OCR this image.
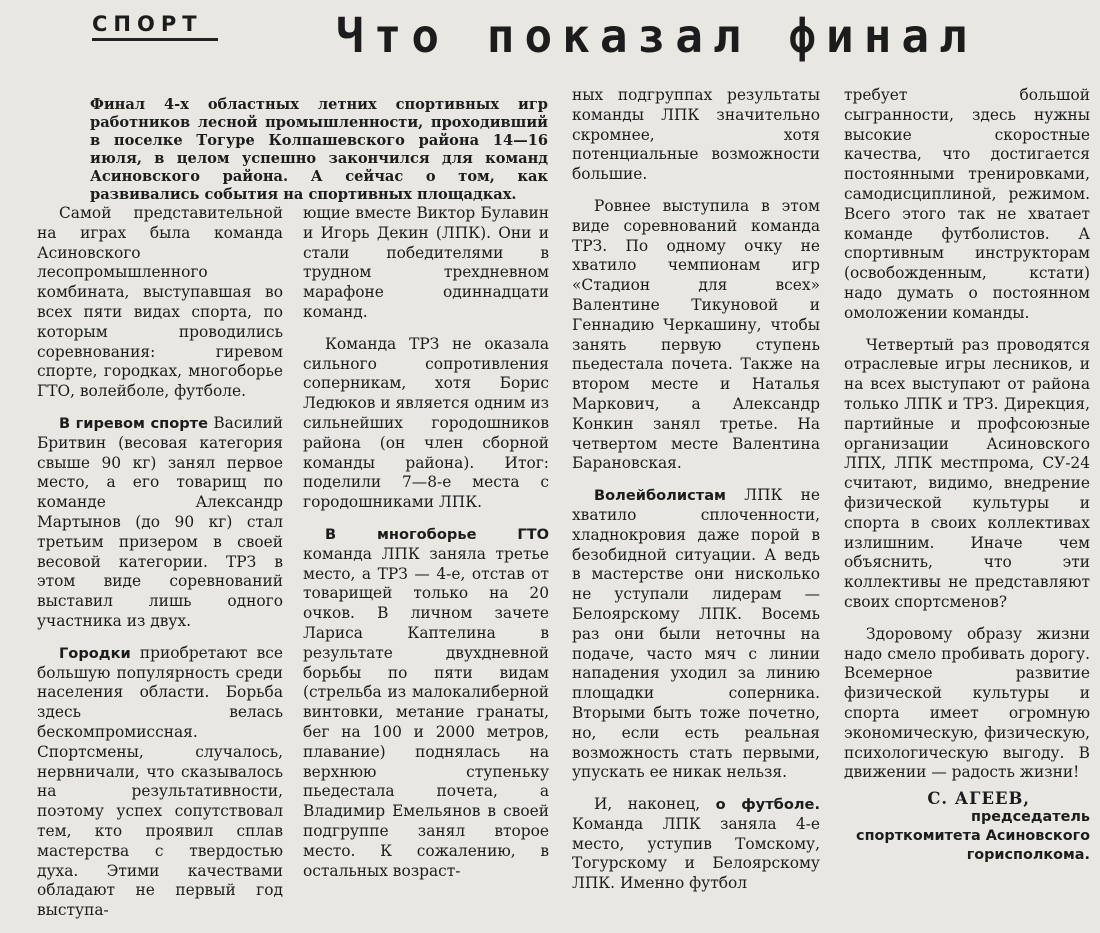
СПОРТ	Что показал финал
Финал 4-х областных летних спортивных игр работников лесной промышленности, проходивший в поселке Тогуре Колпашевского района 14—16 июля, в целом успешно закончился для команд Асиновского района. А сейчас о том, как развивались события на спортивных площадках.

Самой представительной на играх была команда Асиновского лесопромышленного комбината, выступавшая во всех пяти видах спорта, по которым проводились соревнования: гиревом спорте, городках, многоборье ГТО, волейболе, футболе.

В гиревом спорте Василий Бритвин (весовая категория свыше 90 кг) занял первое место, а его товарищ по команде Александр Мартынов (до 90 кг) стал третьим призером в своей весовой категории. ТРЗ в этом виде соревнований выставил лишь одного участника из двух.

Городки приобретают все большую популярность среди населения области. Борьба здесь велась бескомпромиссная. Спортсмены, случалось, нервничали, что сказывалось на результативности, поэтому успех сопутствовал тем, кто проявил сплав мастерства с твердостью духа. Этими качествами обладают не первый год выступа-

ющие вместе Виктор Булавин и Игорь Декин (ЛПК). Они и стали победителями в трудном трехдневном марафоне одиннадцати команд.

Команда ТРЗ не оказала сильного сопротивления соперникам, хотя Борис Ледюков и является одним из сильнейших городошников района (он член сборной команды района). Итог: поделили 7—8-е места с городошниками ЛПК.

В многоборье ГТО команда ЛПК заняла третье место, а ТРЗ — 4-е, отстав от товарищей только на 20 очков. В личном зачете Лариса Каптелина в результате двухдневной борьбы по пяти видам (стрельба из малокалиберной винтовки, метание гранаты, бег на 100 и 2000 метров, плавание) поднялась на верхнюю ступеньку пьедестала почета, а Владимир Емельянов в своей подгруппе занял второе место. К сожалению, в остальных возраст-

ных подгруппах результаты команды ЛПК значительно скромнее, хотя потенциальные возможности большие.

Ровнее выступила в этом виде соревнований команда ТРЗ. По одному очку не хватило чемпионам игр «Стадион для всех» Валентине Тикуновой и Геннадию Черкашину, чтобы занять первую ступень пьедестала почета. Также на втором месте и Наталья Маркович, а Александр Конкин занял третье. На четвертом месте Валентина Барановская.

Волейболистам ЛПК не хватило сплоченности, хладнокровия даже порой в безобидной ситуации. А ведь в мастерстве они нисколько не уступали лидерам — Белоярскому ЛПК. Восемь раз они были неточны на подаче, часто мяч с линии нападения уходил за линию площадки соперника. Вторыми быть тоже почетно, но, если есть реальная возможность стать первыми, упускать ее никак нельзя.

И, наконец, о футболе. Команда ЛПК заняла 4-е место, уступив Томскому, Тогурскому и Белоярскому ЛПК. Именно футбол

требует большой сыгранности, здесь нужны высокие скоростные качества, что достигается постоянными тренировками, самодисциплиной, режимом. Всего этого так не хватает команде футболистов. А спортивным инструкторам (освобожденным, кстати) надо думать о постоянном омоложении команды.

Четвертый раз проводятся отраслевые игры лесников, и на всех выступают от района только ЛПК и ТРЗ. Дирекция, партийные и профсоюзные организации Асиновского ЛПХ, ЛПК местпрома, СУ-24 считают, видимо, внедрение физической культуры и спорта в своих коллективах излишним. Иначе чем объяснить, что эти коллективы не представляют своих спортсменов?

Здоровому образу жизни надо смело пробивать дорогу. Всемерное развитие физической культуры и спорта имеет огромную экономическую, физическую, психологическую выгоду. В движении — радость жизни!

С. АГЕЕВ,
председатель спорткомитета Асиновского горисполкома.
